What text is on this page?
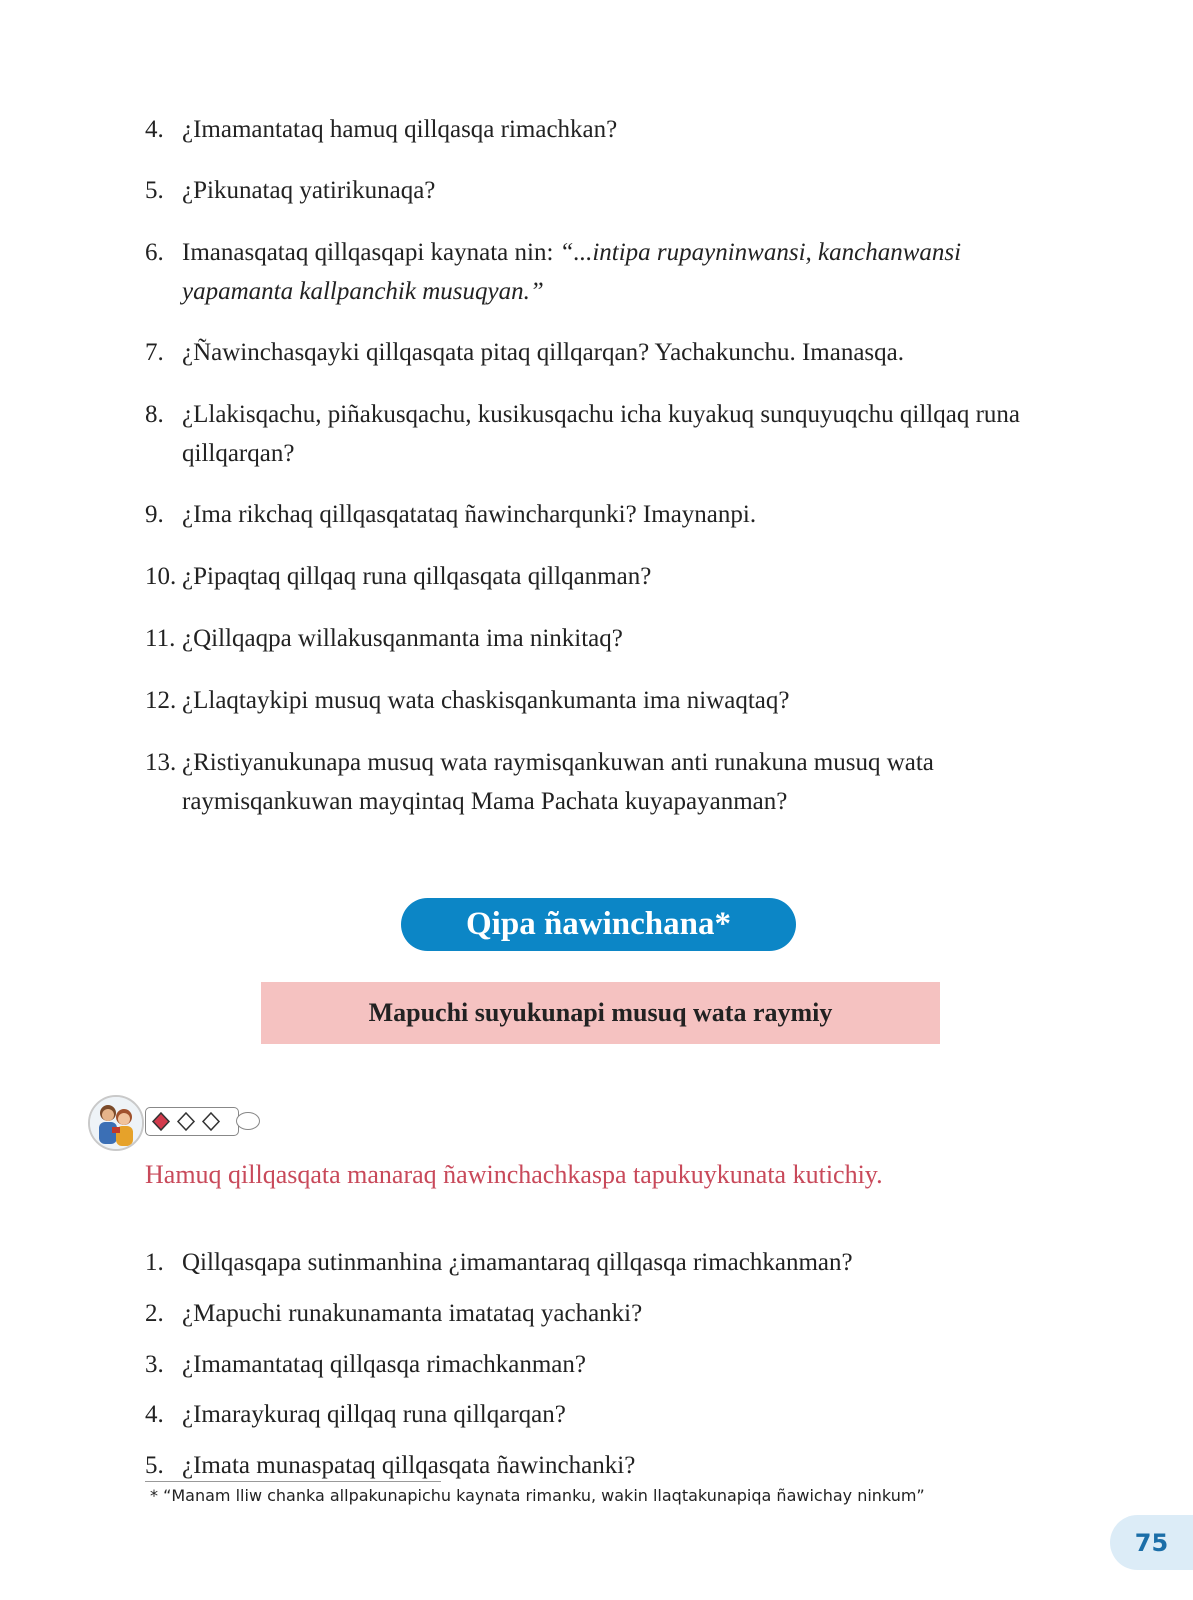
4. ¿Imamantataq hamuq qillqasqa rimachkan?
5. ¿Pikunataq yatirikunaqa?
6. Imanasqataq qillqasqapi kaynata nin: “...intipa rupayninwansi, kanchanwansi yapamanta kallpanchik musuqyan.”
7. ¿Ñawinchasqayki qillqasqata pitaq qillqarqan? Yachakunchu. Imanasqa.
8. ¿Llakisqachu, piñakusqachu, kusikusqachu icha kuyakuq sunquyuqchu qillqaq runa qillqarqan?
9. ¿Ima rikchaq qillqasqatataq ñawincharqunki? Imaynanpi.
10. ¿Pipaqtaq qillqaq runa qillqasqata qillqanman?
11. ¿Qillqaqpa willakusqanmanta ima ninkitaq?
12. ¿Llaqtaykipi musuq wata chaskisqankumanta ima niwaqtaq?
13. ¿Ristiyanukunapa musuq wata raymisqankuwan anti runakuna musuq wata raymisqankuwan mayqintaq Mama Pachata kuyapayanman?
Qipa ñawinchana*
Mapuchi suyukunapi musuq wata raymiy
Hamuq qillqasqata manaraq ñawinchachkaspa tapukuykunata kutichiy.
1. Qillqasqapa sutinmanhina ¿imamantaraq qillqasqa rimachkanman?
2. ¿Mapuchi runakunamanta imatataq yachanki?
3. ¿Imamantataq qillqasqa rimachkanman?
4. ¿Imaraykuraq qillqaq runa qillqarqan?
5. ¿Imata munaspataq qillqasqata ñawinchanki?
* “Manam lliw chanka allpakunapichu kaynata rimanku, wakin llaqtakunapiqa ñawichay ninkum”
75
